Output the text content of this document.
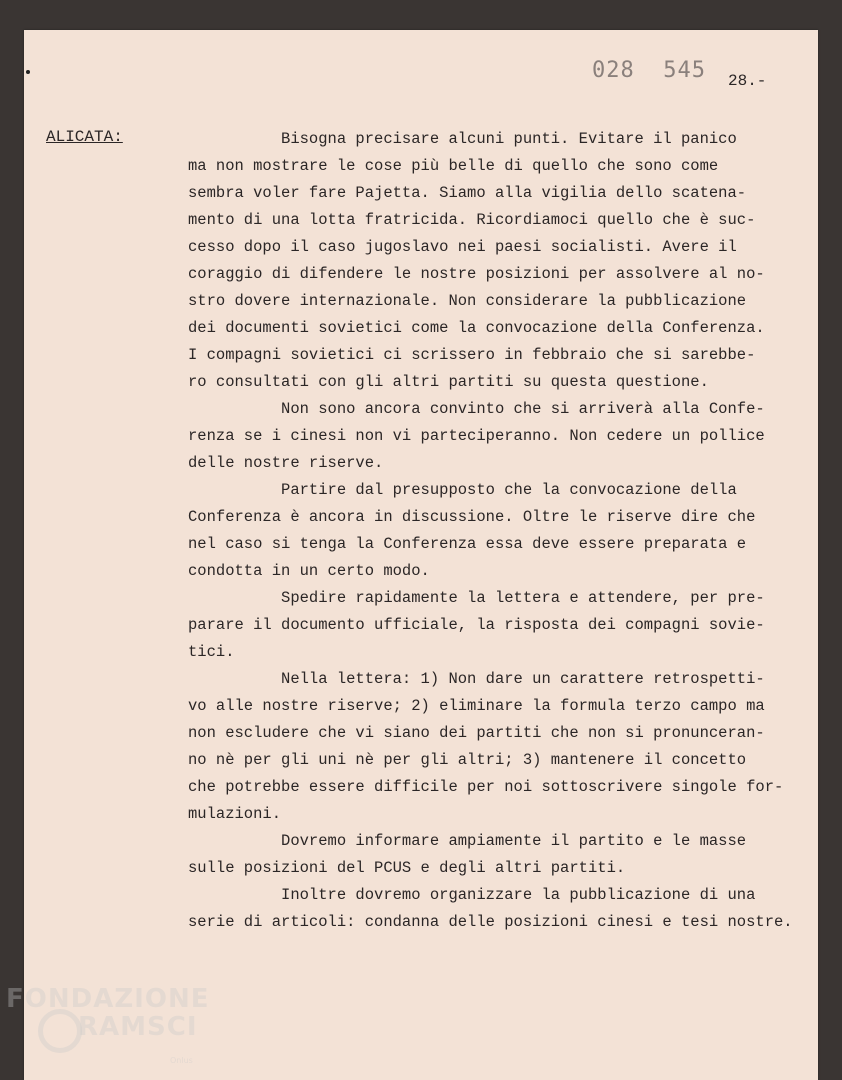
028  545 28.-
ALICATA:	Bisogna precisare alcuni punti. Evitare il panico
ma non mostrare le cose più belle di quello che sono come
sembra voler fare Pajetta. Siamo alla vigilia dello scatena-
mento di una lotta fratricida. Ricordiamoci quello che è suc-
cesso dopo il caso jugoslavo nei paesi socialisti. Avere il
coraggio di difendere le nostre posizioni per assolvere al no-
stro dovere internazionale. Non considerare la pubblicazione
dei documenti sovietici come la convocazione della Conferenza.
I compagni sovietici ci scrissero in febbraio che si sarebbe-
ro consultati con gli altri partiti su questa questione.
Non sono ancora convinto che si arriverà alla Confe-
renza se i cinesi non vi parteciperanno. Non cedere un pollice
delle nostre riserve.
Partire dal presupposto che la convocazione della
Conferenza è ancora in discussione. Oltre le riserve dire che
nel caso si tenga la Conferenza essa deve essere preparata e
condotta in un certo modo.
Spedire rapidamente la lettera e attendere, per pre-
parare il documento ufficiale, la risposta dei compagni sovie-
tici.
Nella lettera: 1) Non dare un carattere retrospetti-
vo alle nostre riserve; 2) eliminare la formula terzo campo ma
non escludere che vi siano dei partiti che non si pronunceran-
no nè per gli uni nè per gli altri; 3) mantenere il concetto
che potrebbe essere difficile per noi sottoscrivere singole for-
mulazioni.
Dovremo informare ampiamente il partito e le masse
sulle posizioni del PCUS e degli altri partiti.
Inoltre dovremo organizzare la pubblicazione di una
serie di articoli: condanna delle posizioni cinesi e tesi nostre.
FONDAZIONE
RAMSCI
Onlus
